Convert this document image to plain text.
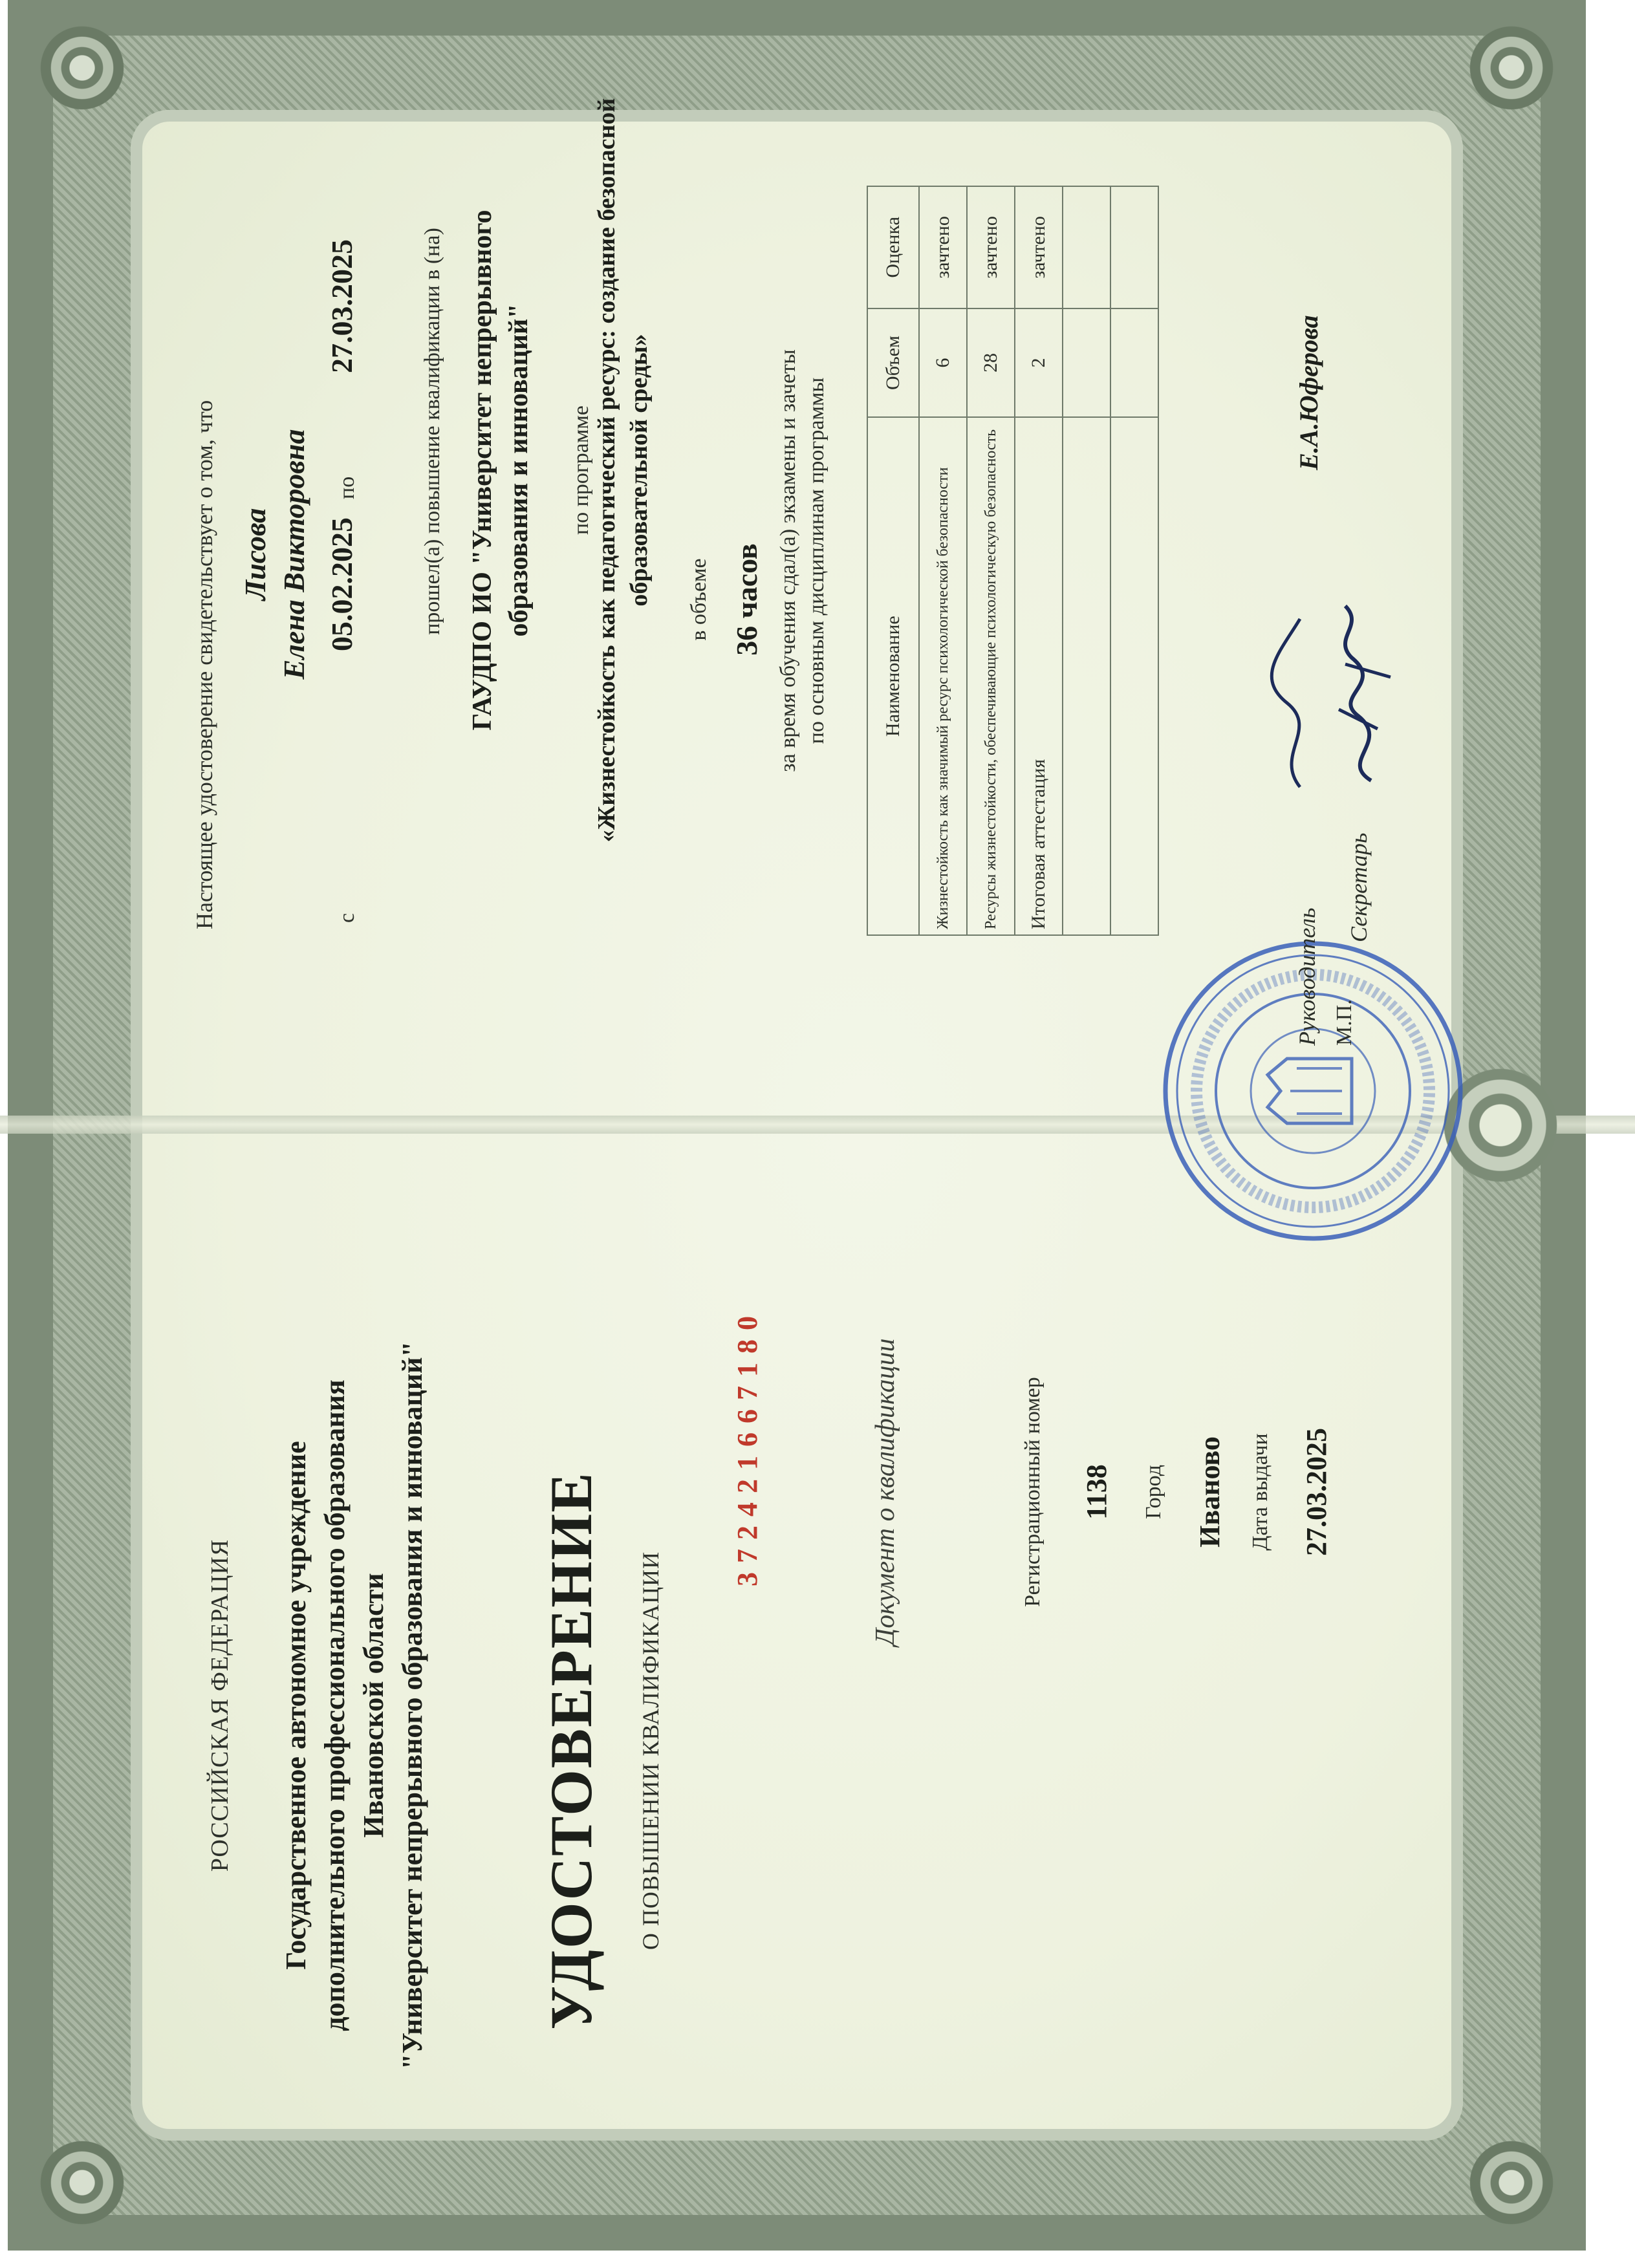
РОССИЙСКАЯ ФЕДЕРАЦИЯ Государственное автономное учреждение дополнительного профессионального образования Ивановской области "Университет непрерывного образования и инноваций" УДОСТОВЕРЕНИЕ О ПОВЫШЕНИИ КВАЛИФИКАЦИИ
372421667180	Документ о квалификации	Регистрационный номер 1138 Город Иваново Дата выдачи 27.03.2025
Настоящее удостоверение свидетельствует о том, что Лисова Елена Викторовна
с
05.02.2025
по
27.03.2025	прошел(а) повышение квалификации в (на) ГАУДПО ИО "Университет непрерывного образования и инноваций" по программе «Жизнестойкость как педагогический ресурс: создание безопасной образовательной среды» в объеме 36 часов за время обучения сдал(а) экзамены и зачеты по основным дисциплинам программы	Наименование	Объем	Оценка
Жизнестойкость как значимый ресурс психологической безопасности	6	зачтено
Ресурсы жизнестойкости, обеспечивающие психологическую безопасность	28	зачтено
Итоговая аттестация	2	зачтено

Руководитель
Е.А.Юферова
М.П.
Секретарь
